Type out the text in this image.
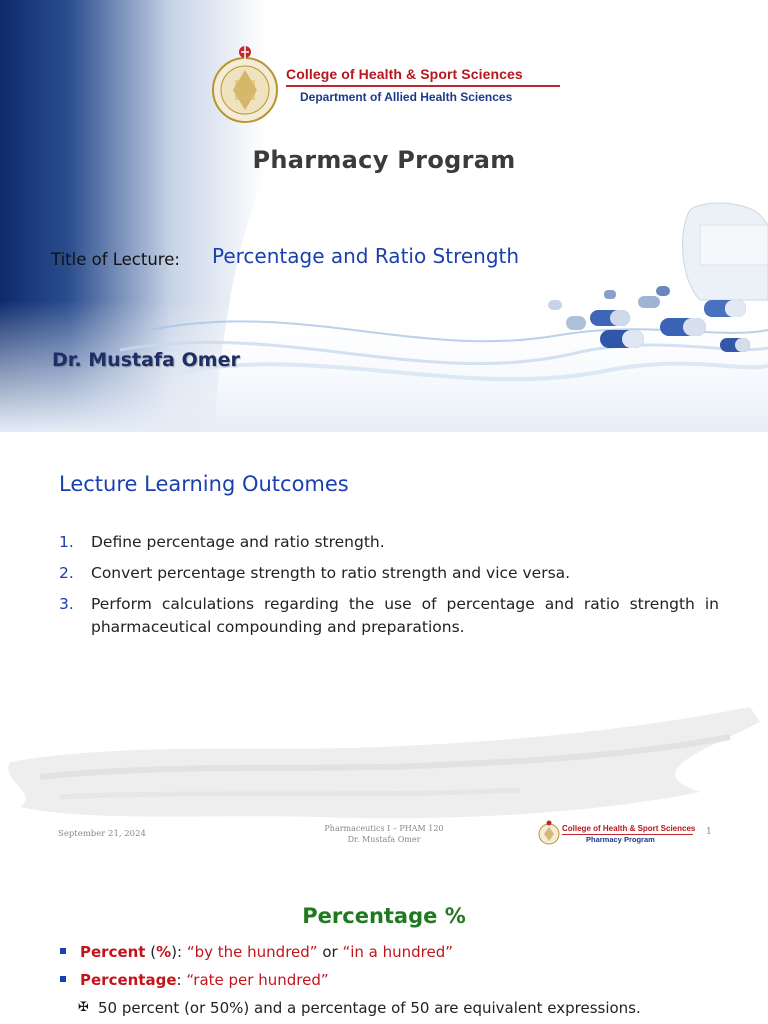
College of Health & Sport Sciences
Department of Allied Health Sciences
Pharmacy Program
Title of Lecture: Percentage and Ratio Strength
Dr. Mustafa Omer
Lecture Learning Outcomes
1. Define percentage and ratio strength.
2. Convert percentage strength to ratio strength and vice versa.
3. Perform calculations regarding the use of percentage and ratio strength in pharmaceutical compounding and preparations.
September 21, 2024
Pharmaceutics I – PHAM 120
Dr. Mustafa Omer
College of Health & Sport Sciences
Pharmacy Program
1
Percentage %
Percent (%): “by the hundred” or “in a hundred”
Percentage: “rate per hundred”
✠ 50 percent (or 50%) and a percentage of 50 are equivalent expressions.
